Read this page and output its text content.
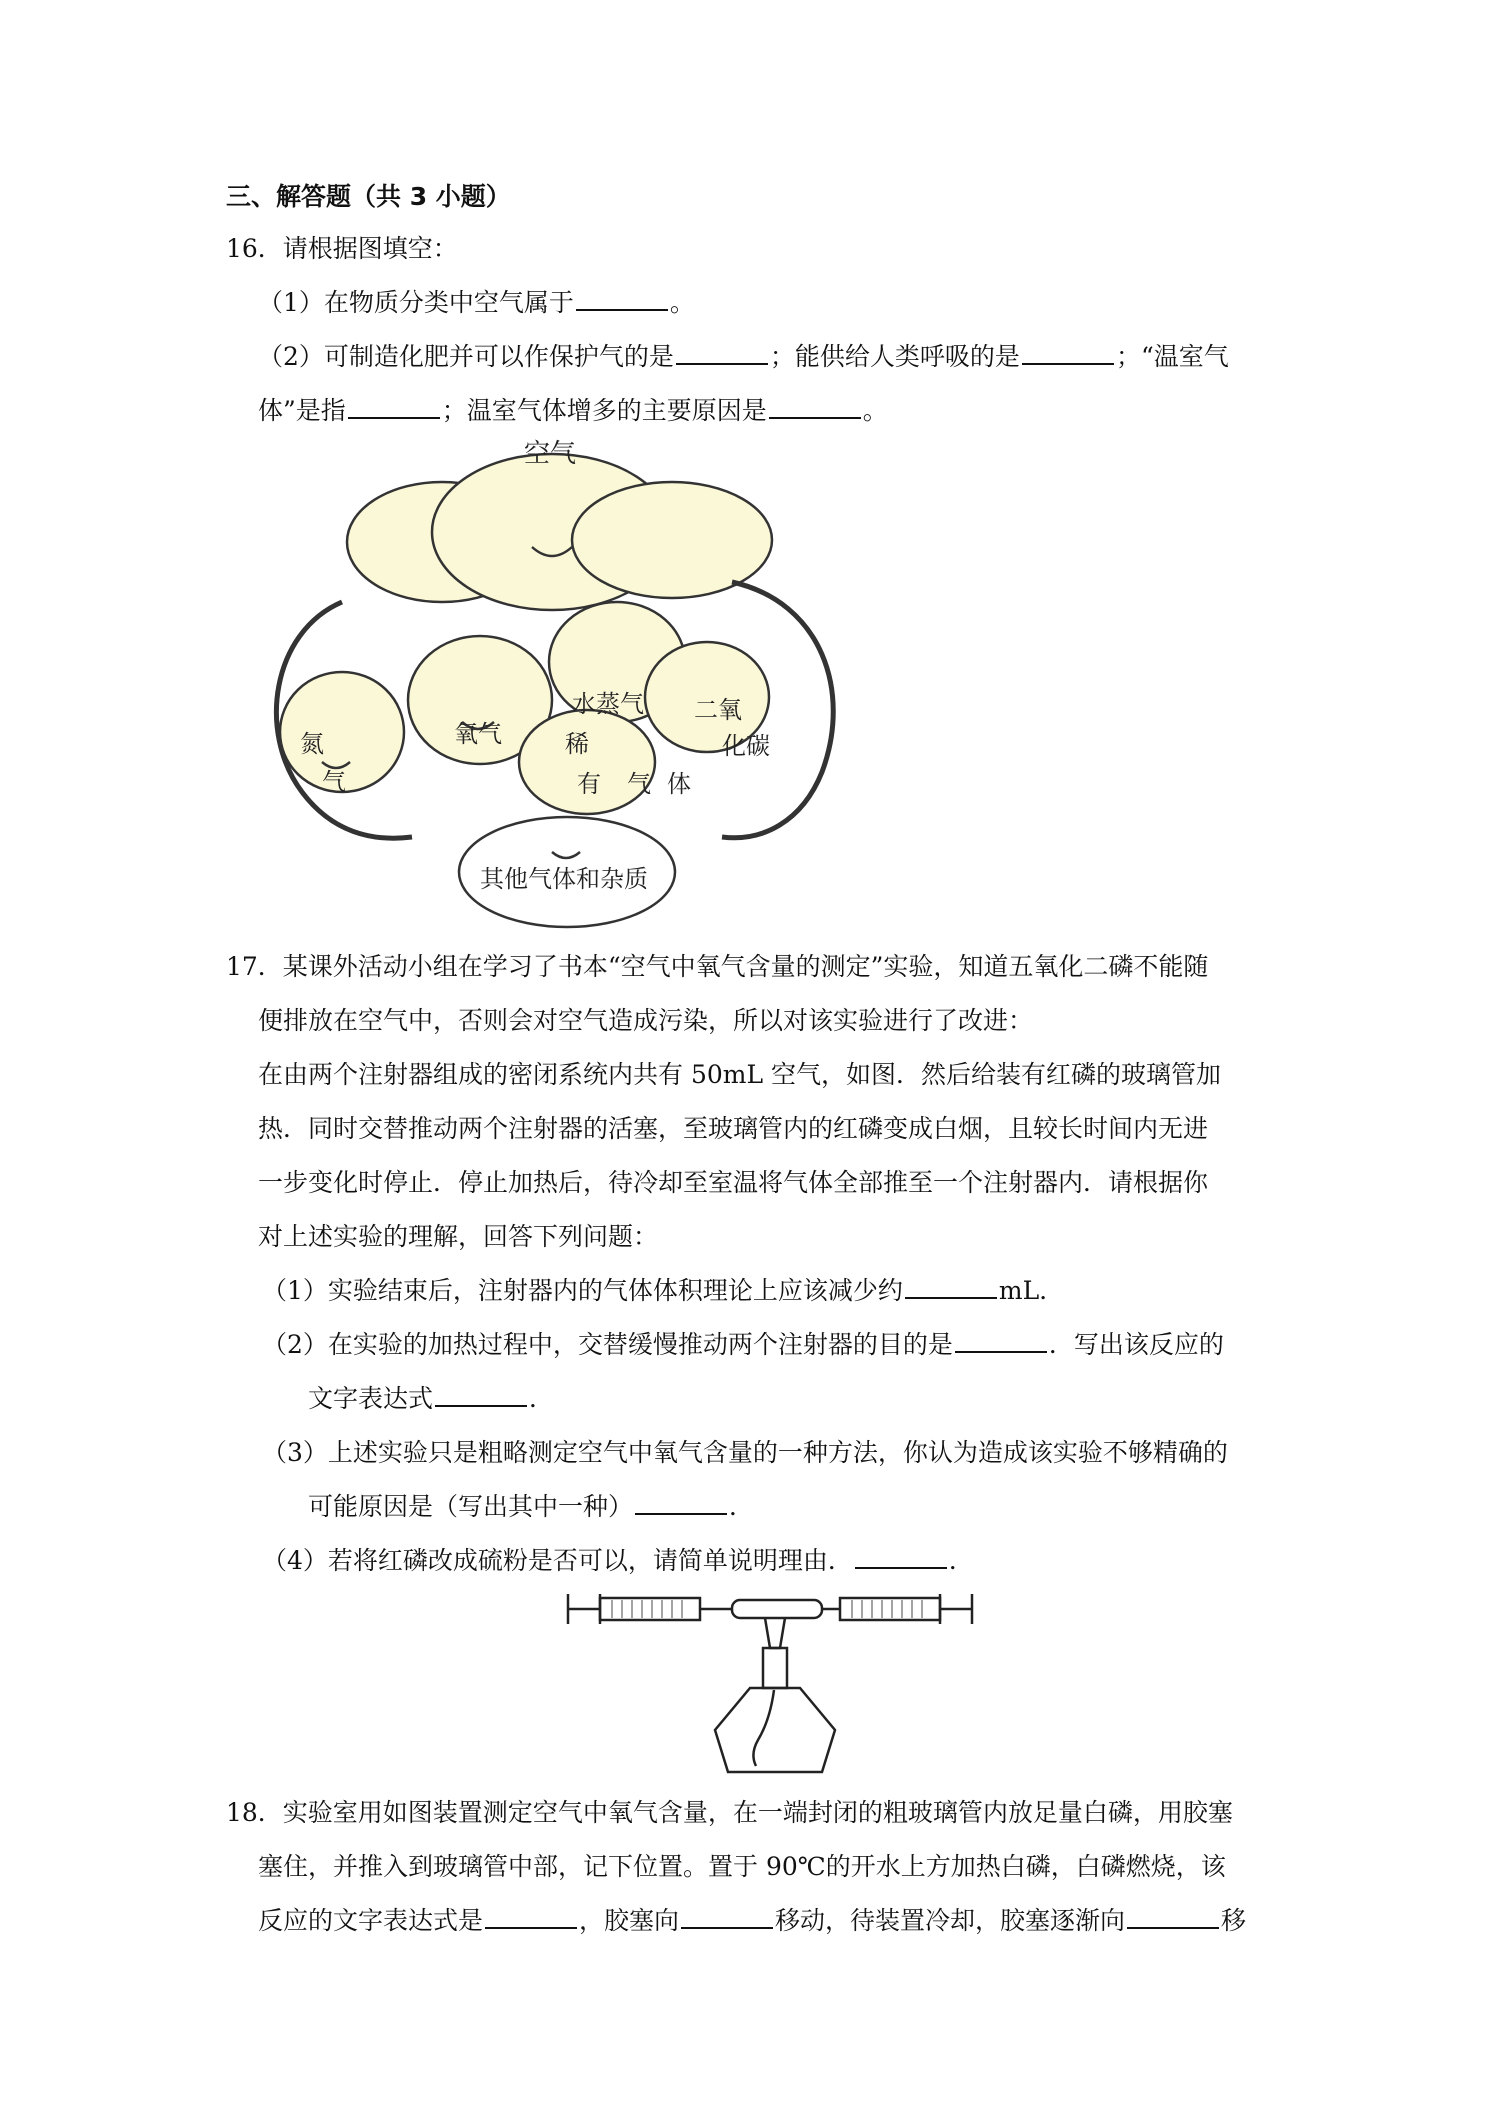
三、解答题（共 3 小题）
16．请根据图填空：
（1）在物质分类中空气属于	。
（2）可制造化肥并可以作保护气的是	；能供给人类呼吸的是	；“温室气
体”是指	；温室气体增多的主要原因是	。
空气
水蒸气 二氧
化碳
氮
气
氧气	稀
有 气 体
其他气体和杂质
17．某课外活动小组在学习了书本“空气中氧气含量的测定”实验，知道五氧化二磷不能随
便排放在空气中，否则会对空气造成污染，所以对该实验进行了改进：
在由两个注射器组成的密闭系统内共有 50mL 空气，如图．然后给装有红磷的玻璃管加
热．同时交替推动两个注射器的活塞，至玻璃管内的红磷变成白烟，且较长时间内无进
一步变化时停止．停止加热后，待冷却至室温将气体全部推至一个注射器内．请根据你
对上述实验的理解，回答下列问题：
（1）实验结束后，注射器内的气体体积理论上应该减少约	mL．
（2）在实验的加热过程中，交替缓慢推动两个注射器的目的是	．写出该反应的
文字表达式	．
（3）上述实验只是粗略测定空气中氧气含量的一种方法，你认为造成该实验不够精确的
可能原因是（写出其中一种）	．
（4）若将红磷改成硫粉是否可以，请简单说明理由．	．
18．实验室用如图装置测定空气中氧气含量，在一端封闭的粗玻璃管内放足量白磷，用胶塞
塞住，并推入到玻璃管中部，记下位置。置于 90℃的开水上方加热白磷，白磷燃烧，该
反应的文字表达式是	，胶塞向	移动，待装置冷却，胶塞逐渐向	移
